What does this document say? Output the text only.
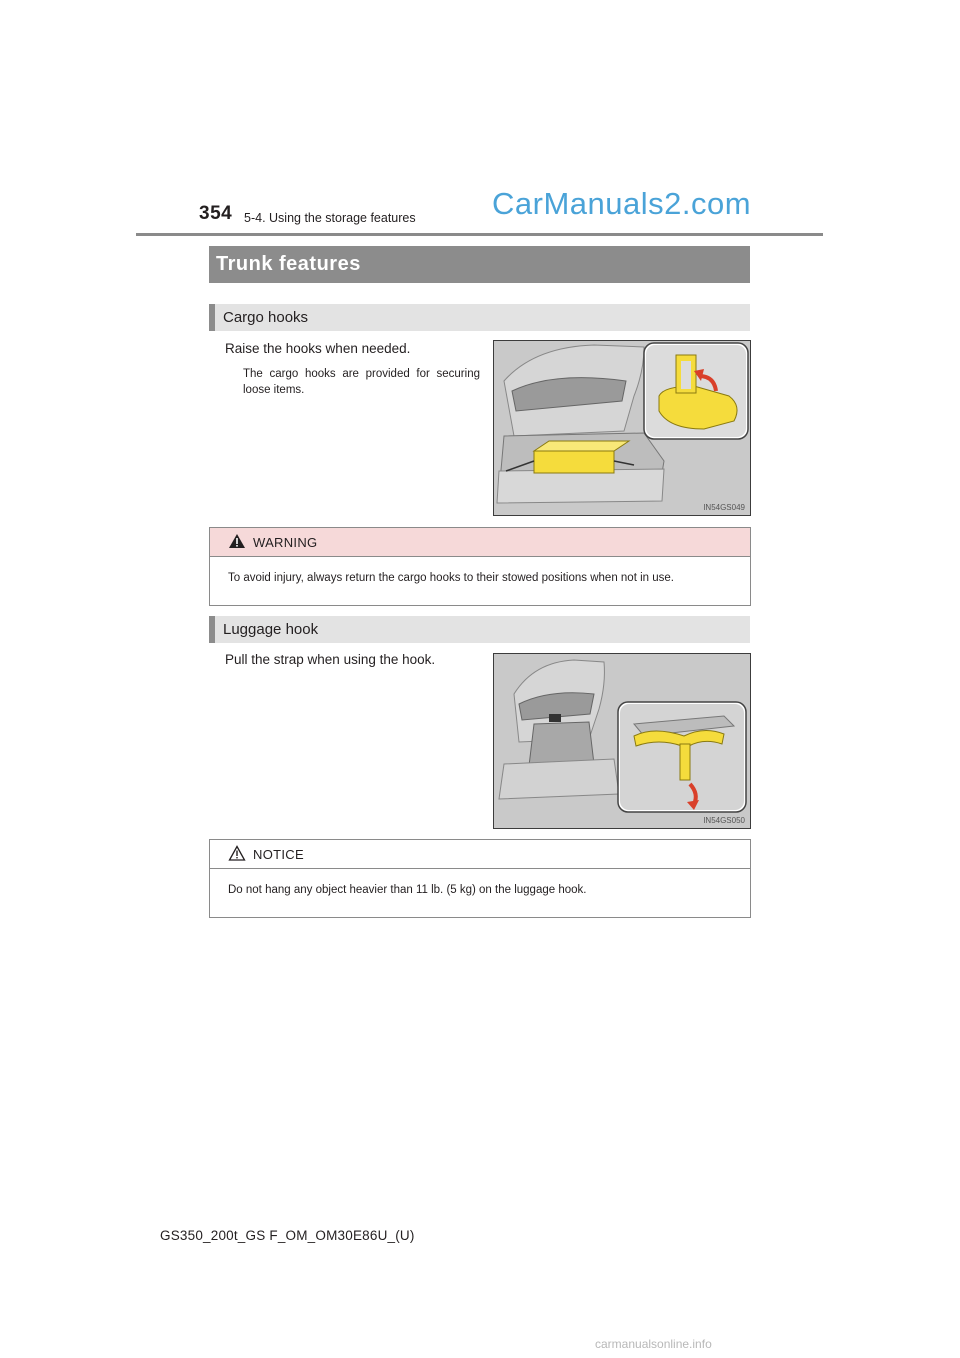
354 5-4. Using the storage features CarManuals2.com
Trunk features
Cargo hooks
Raise the hooks when needed.
The cargo hooks are provided for securing loose items.
IN54GS049
WARNING
To avoid injury, always return the cargo hooks to their stowed positions when not in use.
Luggage hook
Pull the strap when using the hook.
IN54GS050
NOTICE
Do not hang any object heavier than 11 lb. (5 kg) on the luggage hook.
GS350_200t_GS F_OM_OM30E86U_(U)
carmanualsonline.info
